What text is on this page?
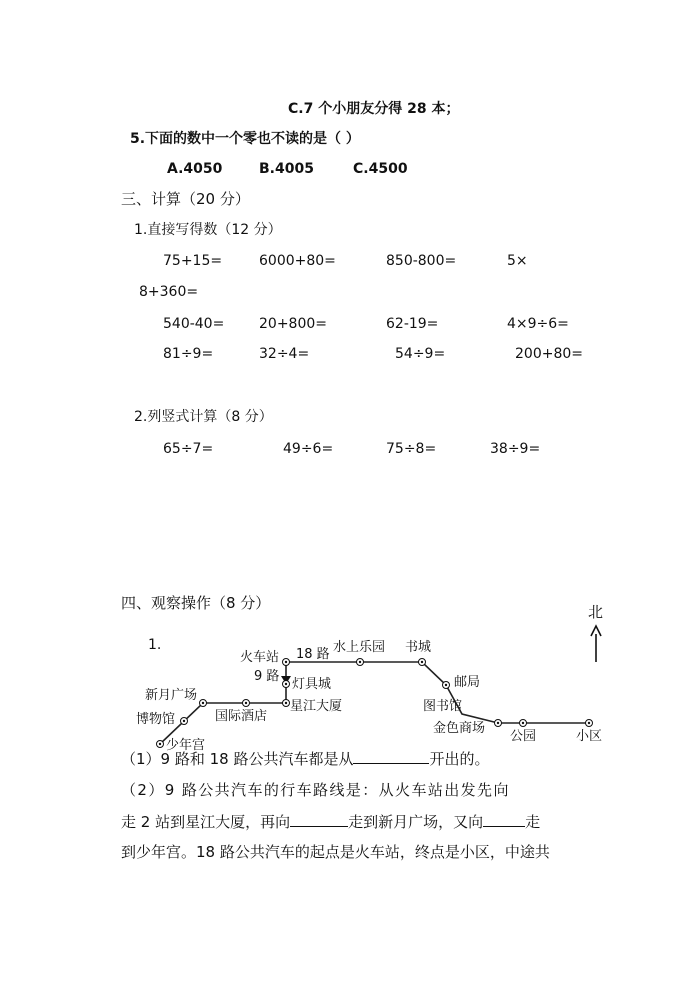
C.7 个小朋友分得 28 本；
5.下面的数中一个零也不读的是（ ）
A.4050	B.4005	C.4500
三、计算（20 分）
1.直接写得数（12 分）
75+15=	6000+80=	850-800=	5×
8+360=
540-40= 20+800=	62-19=	4×9÷6=
81÷9=	32÷4=	54÷9=	200+80=
2.列竖式计算（8 分）
65÷7=	49÷6=	75÷8=	38÷9=
四、观察操作（8 分）
1.
北
18 路
9 路
火车站
水上乐园 书城
邮局
图书馆
金色商场
公园	小区
灯具城
星江大厦
国际酒店
新月广场
博物馆
少年宫
（1）9 路和 18 路公共汽车都是从	开出的。
（2）9 路公共汽车的行车路线是：从火车站出发先向
走 2 站到星江大厦，再向	走到新月广场，又向	走
到少年宫。18 路公共汽车的起点是火车站，终点是小区，中途共
